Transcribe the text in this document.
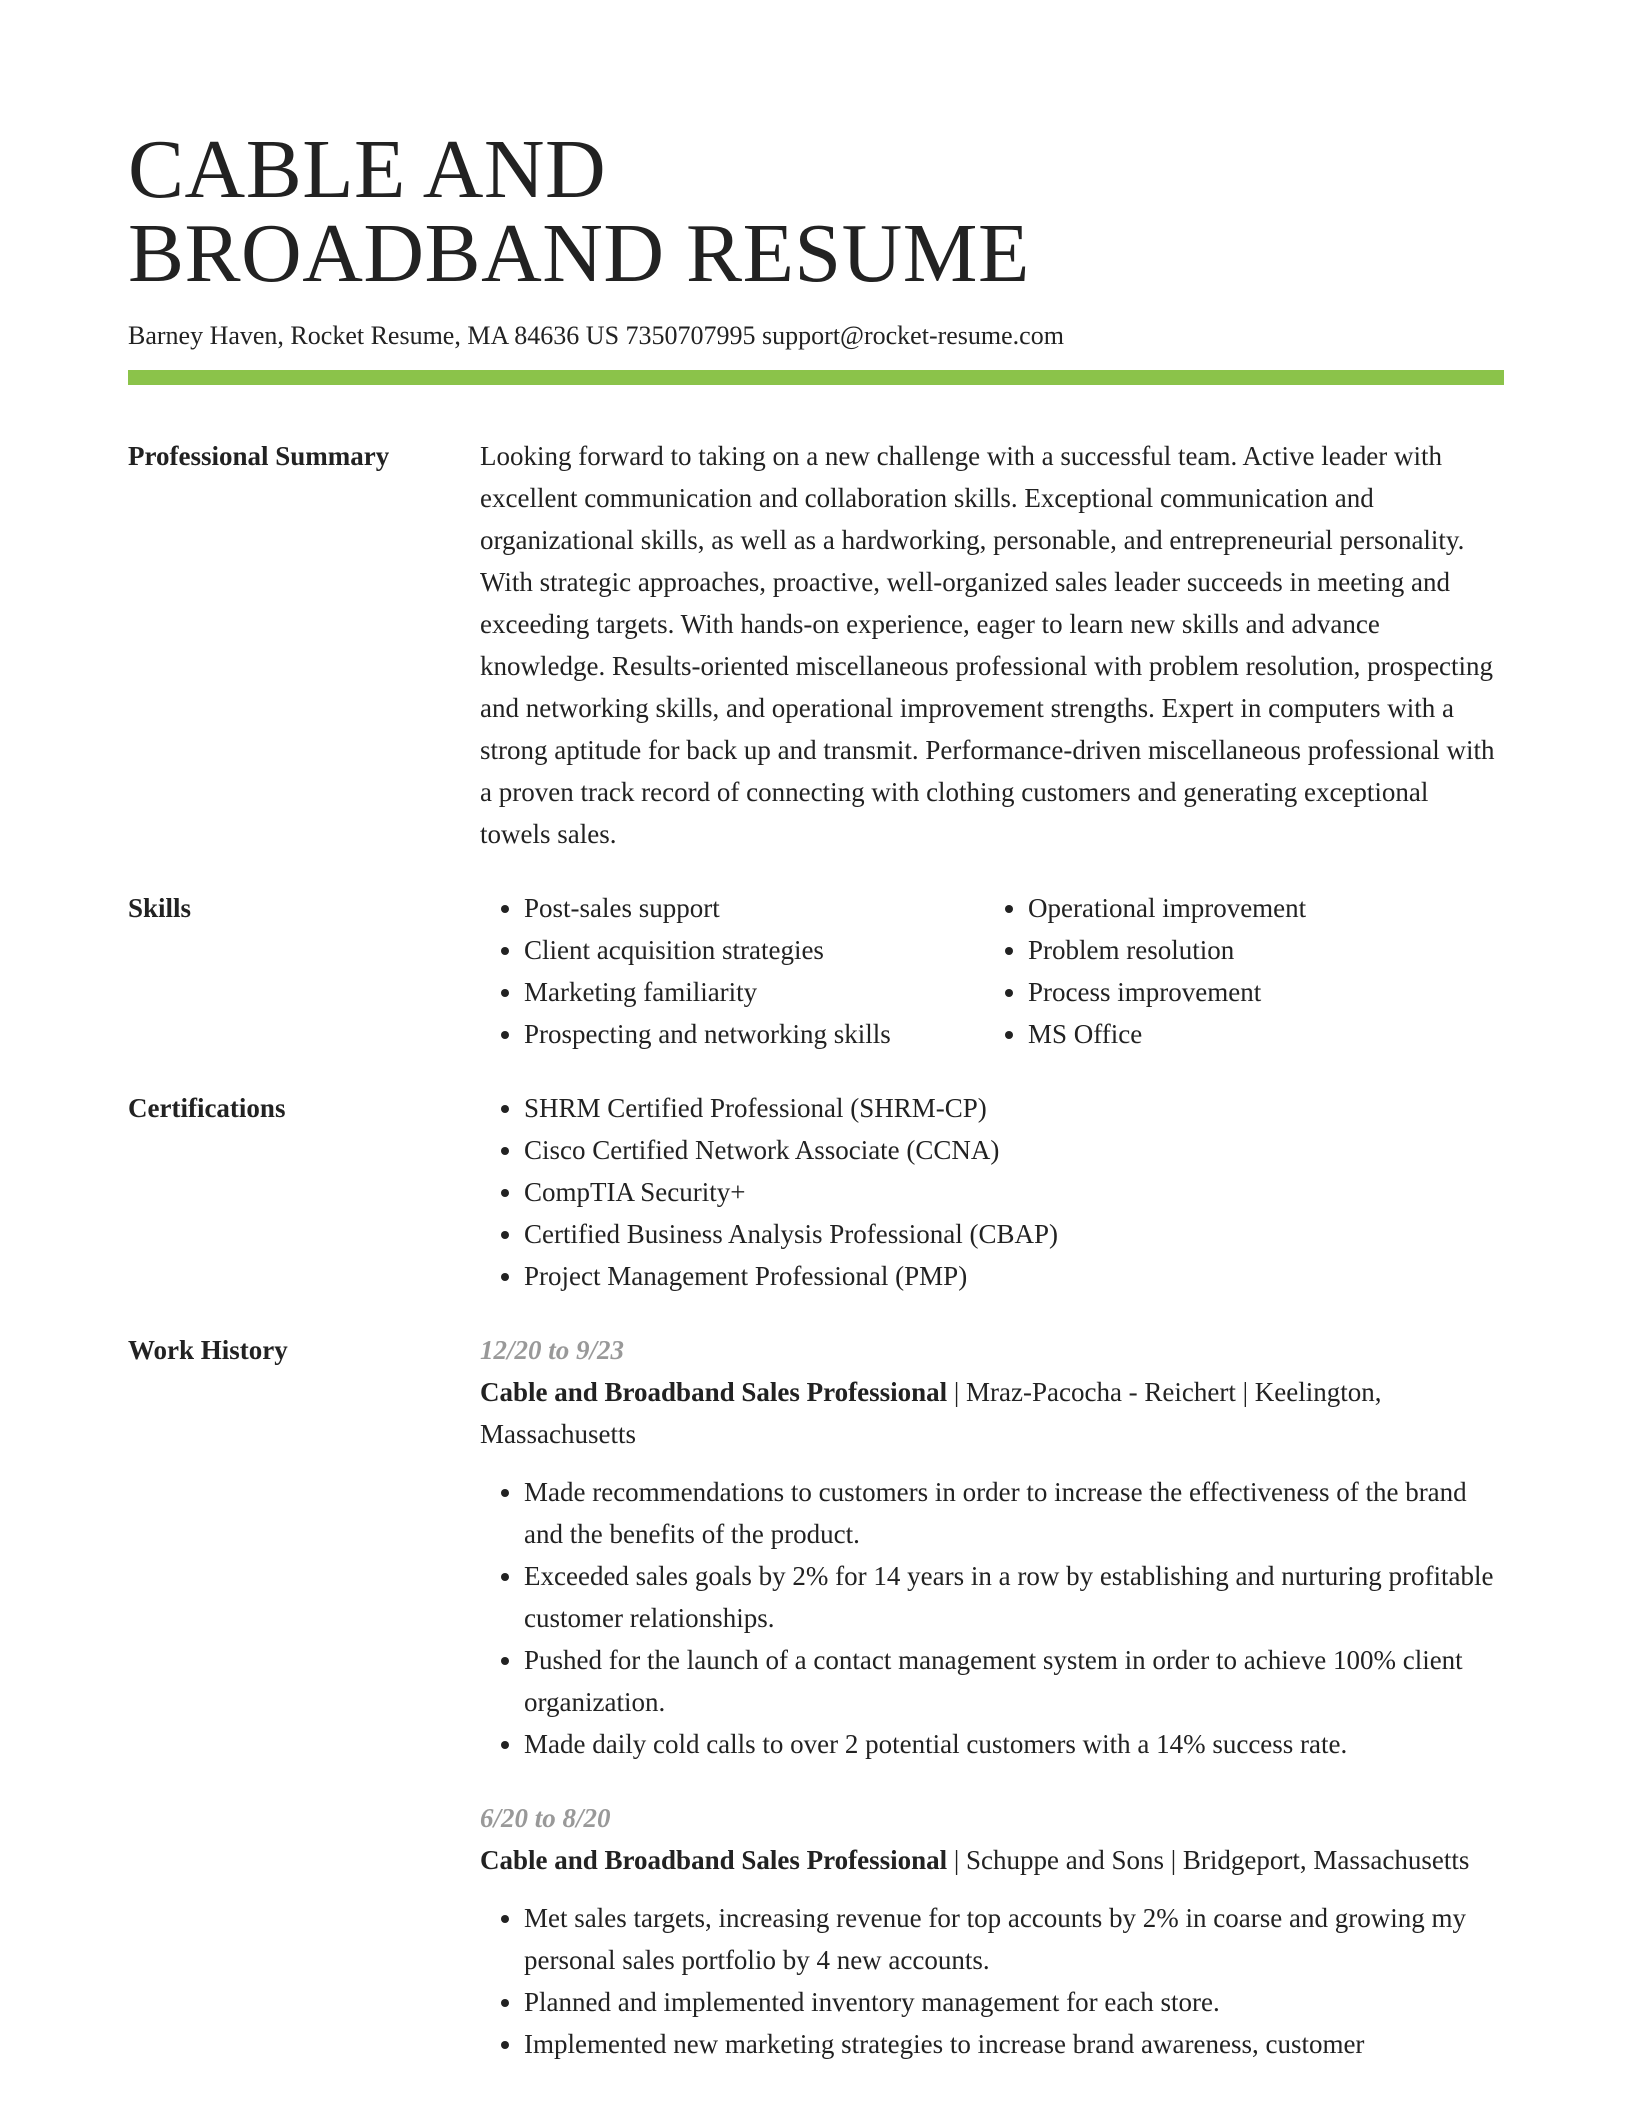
CABLE AND
BROADBAND RESUME
Barney Haven, Rocket Resume, MA 84636 US 7350707995 support@rocket-resume.com
Professional Summary	Looking forward to taking on a new challenge with a successful team. Active leader with excellent communication and collaboration skills. Exceptional communication and organizational skills, as well as a hardworking, personable, and entrepreneurial personality. With strategic approaches, proactive, well-organized sales leader succeeds in meeting and exceeding targets. With hands-on experience, eager to learn new skills and advance knowledge. Results-oriented miscellaneous professional with problem resolution, prospecting and networking skills, and operational improvement strengths. Expert in computers with a strong aptitude for back up and transmit. Performance-driven miscellaneous professional with a proven track record of connecting with clothing customers and generating exceptional towels sales.

Skills	• Post-sales support
• Client acquisition strategies
• Marketing familiarity
• Prospecting and networking skills
• Operational improvement
• Problem resolution
• Process improvement
• MS Office
Certifications	• SHRM Certified Professional (SHRM-CP)
• Cisco Certified Network Associate (CCNA)
• CompTIA Security+
• Certified Business Analysis Professional (CBAP)
• Project Management Professional (PMP)
Work History	12/20 to 9/23

Cable and Broadband Sales Professional | Mraz-Pacocha - Reichert | Keelington, Massachusetts

• Made recommendations to customers in order to increase the effectiveness of the brand and the benefits of the product.
• Exceeded sales goals by 2% for 14 years in a row by establishing and nurturing profitable customer relationships.
• Pushed for the launch of a contact management system in order to achieve 100% client organization.
• Made daily cold calls to over 2 potential customers with a 14% success rate.
6/20 to 8/20

Cable and Broadband Sales Professional | Schuppe and Sons | Bridgeport, Massachusetts

• Met sales targets, increasing revenue for top accounts by 2% in coarse and growing my personal sales portfolio by 4 new accounts.
• Planned and implemented inventory management for each store.
• Implemented new marketing strategies to increase brand awareness, customer
